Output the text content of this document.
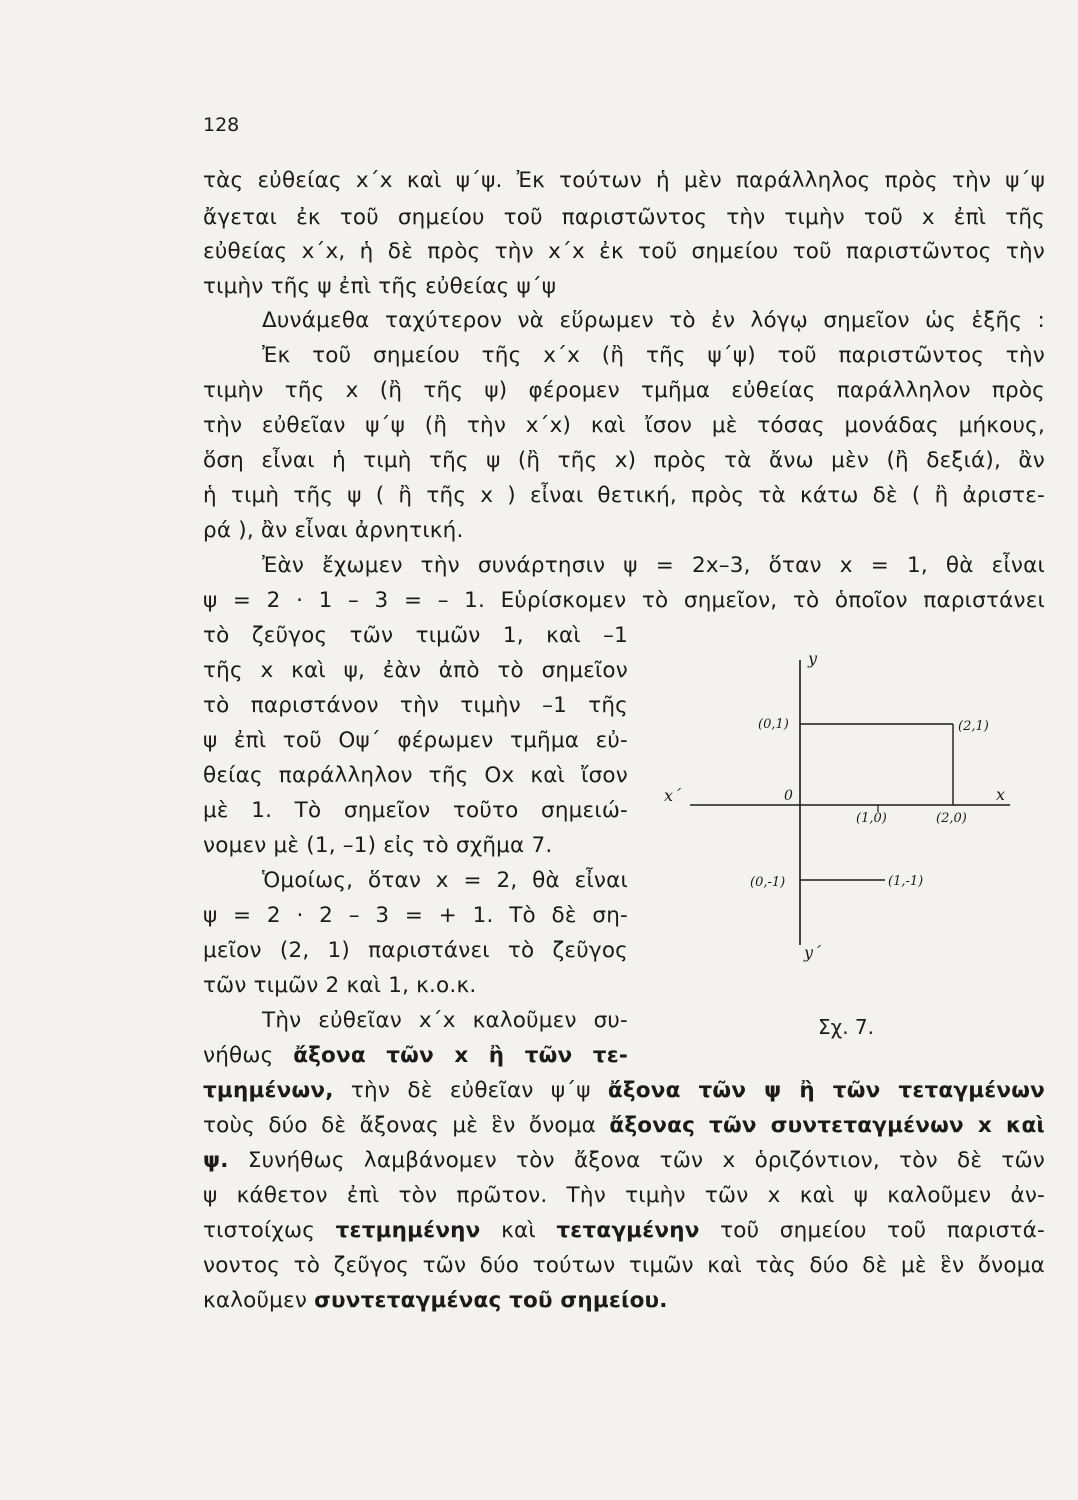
128
τὰς εὐθείας x΄x καὶ ψ΄ψ. Ἐκ τούτων ἡ μὲν παράλληλος πρὸς τὴν ψ΄ψ
ἄγεται ἐκ τοῦ σημείου τοῦ παριστῶντος τὴν τιμὴν τοῦ x ἐπὶ τῆς
εὐθείας x΄x, ἡ δὲ πρὸς τὴν x΄x ἐκ τοῦ σημείου τοῦ παριστῶντος τὴν
τιμὴν τῆς ψ ἐπὶ τῆς εὐθείας ψ΄ψ
Δυνάμεθα ταχύτερον νὰ εὕρωμεν τὸ ἐν λόγῳ σημεῖον ὡς ἑξῆς :
Ἐκ τοῦ σημείου τῆς x΄x (ἢ τῆς ψ΄ψ) τοῦ παριστῶντος τὴν
τιμὴν τῆς x (ἢ τῆς ψ) φέρομεν τμῆμα εὐθείας παράλληλον πρὸς
τὴν εὐθεῖαν ψ΄ψ (ἢ τὴν x΄x) καὶ ἴσον μὲ τόσας μονάδας μήκους,
ὅση εἶναι ἡ τιμὴ τῆς ψ (ἢ τῆς x) πρὸς τὰ ἄνω μὲν (ἢ δεξιά), ἂν
ἡ τιμὴ τῆς ψ ( ἢ τῆς x ) εἶναι θετική, πρὸς τὰ κάτω δὲ ( ἢ ἀριστε-
ρά ), ἂν εἶναι ἀρνητική.
Ἐὰν ἔχωμεν τὴν συνάρτησιν ψ = 2x–3, ὅταν x = 1, θὰ εἶναι
ψ = 2 · 1 – 3 = – 1. Εὑρίσκομεν τὸ σημεῖον, τὸ ὁποῖον παριστάνει
τὸ ζεῦγος τῶν τιμῶν 1, καὶ –1
τῆς x καὶ ψ, ἐὰν ἀπὸ τὸ σημεῖον
τὸ παριστάνον τὴν τιμὴν –1 τῆς
ψ ἐπὶ τοῦ Οψ΄ φέρωμεν τμῆμα εὐ-
θείας παράλληλον τῆς Οx καὶ ἴσον
μὲ 1. Τὸ σημεῖον τοῦτο σημειώ-
νομεν μὲ (1, –1) εἰς τὸ σχῆμα 7.
Ὁμοίως, ὅταν x = 2, θὰ εἶναι
ψ = 2 · 2 – 3 = + 1. Τὸ δὲ ση-
μεῖον (2, 1) παριστάνει τὸ ζεῦγος
τῶν τιμῶν 2 καὶ 1, κ.ο.κ.
Τὴν εὐθεῖαν x΄x καλοῦμεν συ-
y
y΄
x΄	x
0
(0,1)	(2,1)
(1,0)	(2,0)
(0,-1)	(1,-1)
Σχ. 7.
νήθως ἄξονα τῶν x ἢ τῶν τε-
τμημένων, τὴν δὲ εὐθεῖαν ψ΄ψ ἄξονα τῶν ψ ἢ τῶν τεταγμένων
τοὺς δύο δὲ ἄξονας μὲ ἓν ὄνομα ἄξονας τῶν συντεταγμένων x καὶ
ψ. Συνήθως λαμβάνομεν τὸν ἄξονα τῶν x ὁριζόντιον, τὸν δὲ τῶν
ψ κάθετον ἐπὶ τὸν πρῶτον. Τὴν τιμὴν τῶν x καὶ ψ καλοῦμεν ἀν-
τιστοίχως τετμημένην καὶ τεταγμένην τοῦ σημείου τοῦ παριστά-
νοντος τὸ ζεῦγος τῶν δύο τούτων τιμῶν καὶ τὰς δύο δὲ μὲ ἓν ὄνομα
καλοῦμεν συντεταγμένας τοῦ σημείου.
